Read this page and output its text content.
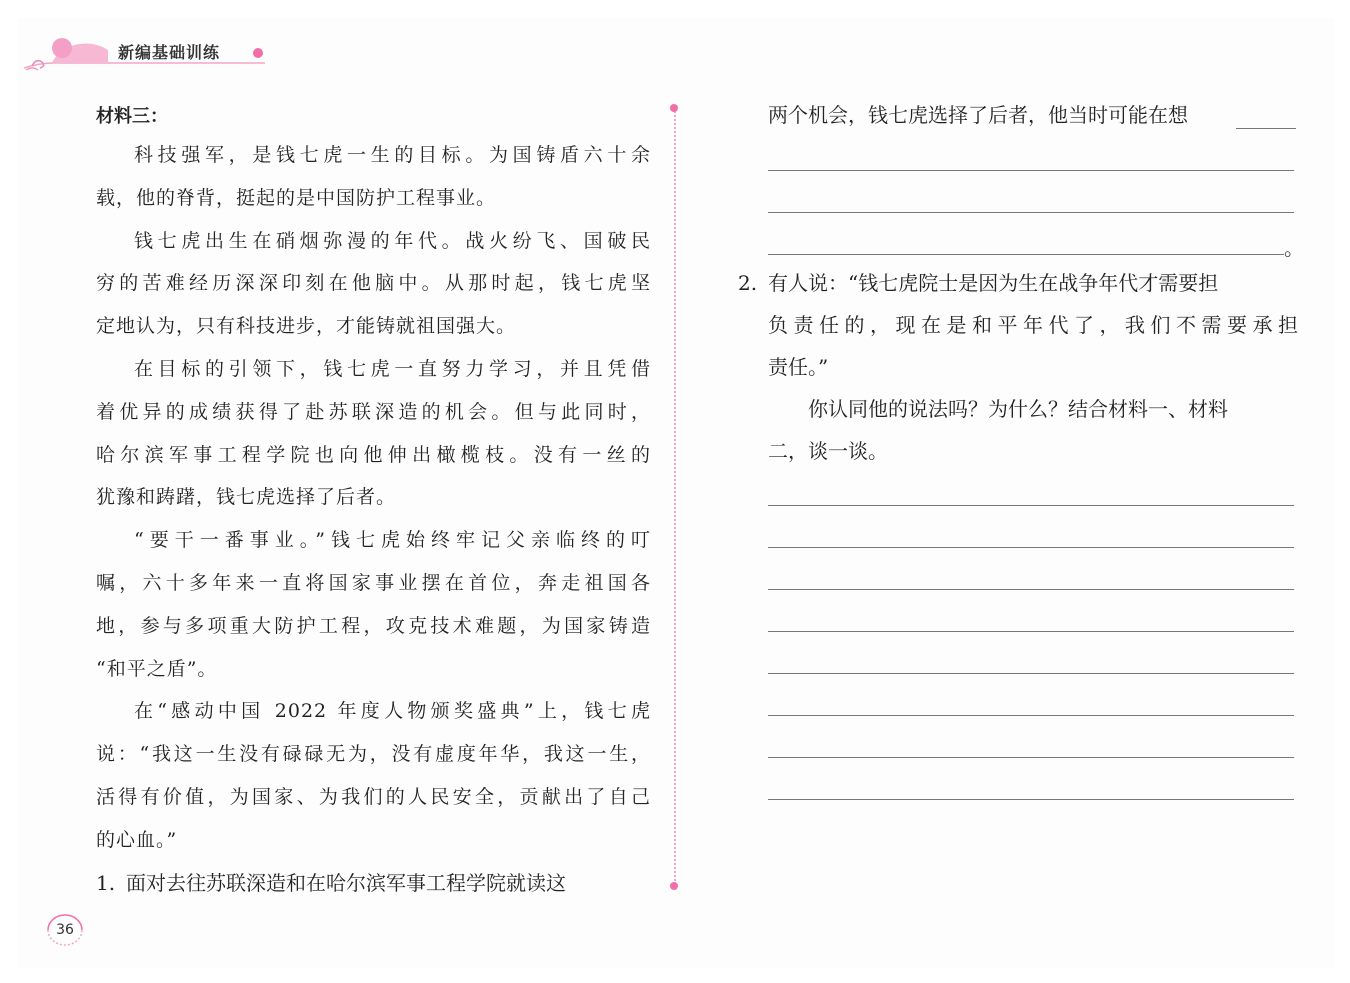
新编基础训练

材料三：

科技强军，是钱七虎一生的目标。为国铸盾六十余

载，他的脊背，挺起的是中国防护工程事业。

钱七虎出生在硝烟弥漫的年代。战火纷飞、国破民

穷的苦难经历深深印刻在他脑中。从那时起，钱七虎坚

定地认为，只有科技进步，才能铸就祖国强大。

在目标的引领下，钱七虎一直努力学习，并且凭借

着优异的成绩获得了赴苏联深造的机会。但与此同时，

哈尔滨军事工程学院也向他伸出橄榄枝。没有一丝的

犹豫和踌躇，钱七虎选择了后者。

“要干一番事业。”钱七虎始终牢记父亲临终的叮

嘱，六十多年来一直将国家事业摆在首位，奔走祖国各

地，参与多项重大防护工程，攻克技术难题，为国家铸造

“和平之盾”。

在“感动中国 2022 年度人物颁奖盛典”上，钱七虎

说：“我这一生没有碌碌无为，没有虚度年华，我这一生，

活得有价值，为国家、为我们的人民安全，贡献出了自己

的心血。”

1. 面对去往苏联深造和在哈尔滨军事工程学院就读这

两个机会，钱七虎选择了后者，他当时可能在想

2. 有人说：“钱七虎院士是因为生在战争年代才需要担

负责任的，现在是和平年代了，我们不需要承担

责任。”

你认同他的说法吗？为什么？结合材料一、材料

二，谈一谈。

。
36
